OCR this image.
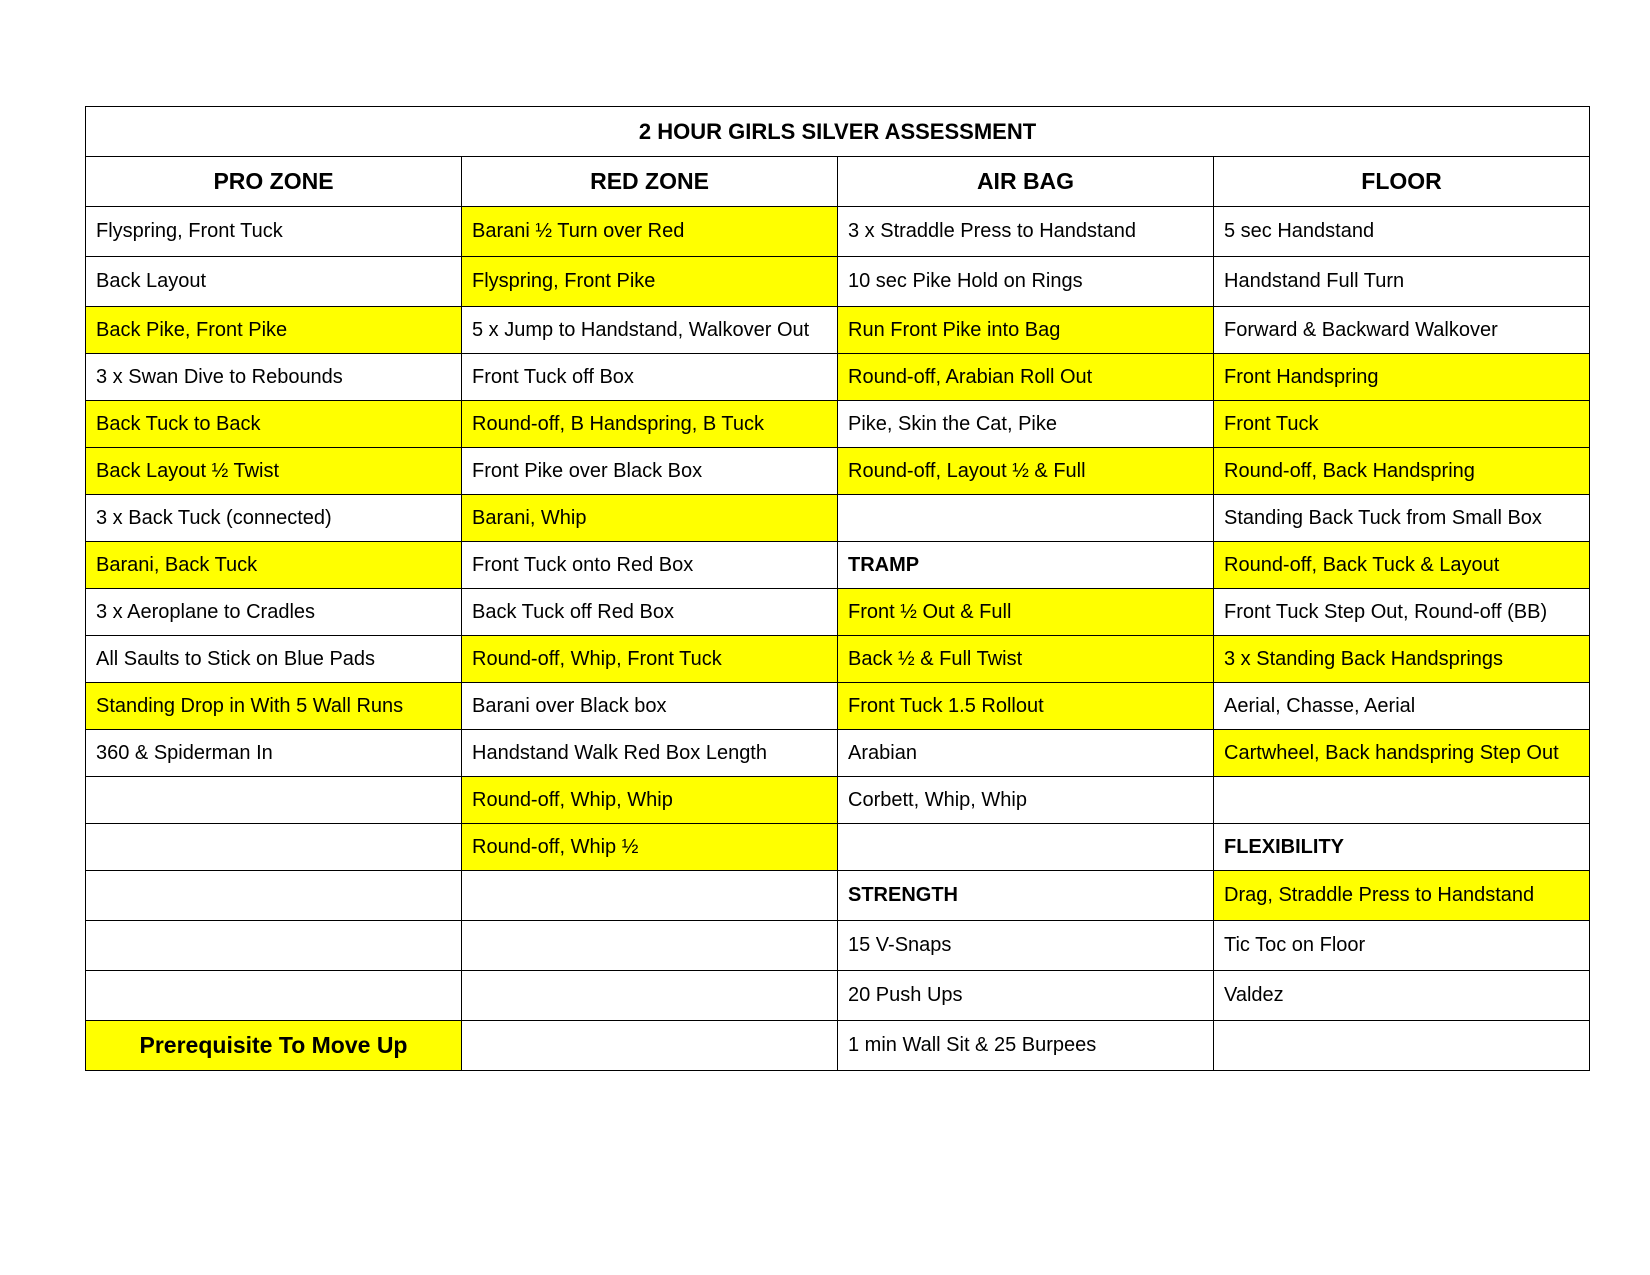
2 HOUR GIRLS SILVER ASSESSMENT			
PRO ZONE	RED ZONE	AIR BAG	FLOOR
Flyspring, Front Tuck	Barani ½ Turn over Red	3 x Straddle Press to Handstand	5 sec Handstand
Back Layout	Flyspring, Front Pike	10 sec Pike Hold on Rings	Handstand Full Turn
Back Pike, Front Pike	5 x Jump to Handstand, Walkover Out	Run Front Pike into Bag	Forward & Backward Walkover
3 x Swan Dive to Rebounds	Front Tuck off Box	Round-off, Arabian Roll Out	Front Handspring
Back Tuck to Back	Round-off, B Handspring, B Tuck	Pike, Skin the Cat, Pike	Front Tuck
Back Layout ½ Twist	Front Pike over Black Box	Round-off, Layout ½ & Full	Round-off, Back Handspring
3 x Back Tuck (connected)	Barani, Whip		Standing Back Tuck from Small Box
Barani, Back Tuck	Front Tuck onto Red Box	TRAMP	Round-off, Back Tuck & Layout
3 x Aeroplane to Cradles	Back Tuck off Red Box	Front ½ Out & Full	Front Tuck Step Out, Round-off (BB)
All Saults to Stick on Blue Pads	Round-off, Whip, Front Tuck	Back ½ & Full Twist	3 x Standing Back Handsprings
Standing Drop in With 5 Wall Runs	Barani over Black box	Front Tuck 1.5 Rollout	Aerial, Chasse, Aerial
360 & Spiderman In	Handstand Walk Red Box Length	Arabian	Cartwheel, Back handspring Step Out
	Round-off, Whip, Whip	Corbett, Whip, Whip	
	Round-off, Whip ½		FLEXIBILITY
		STRENGTH	Drag, Straddle Press to Handstand
		15 V-Snaps	Tic Toc on Floor
		20 Push Ups	Valdez
Prerequisite To Move Up		1 min Wall Sit & 25 Burpees	
